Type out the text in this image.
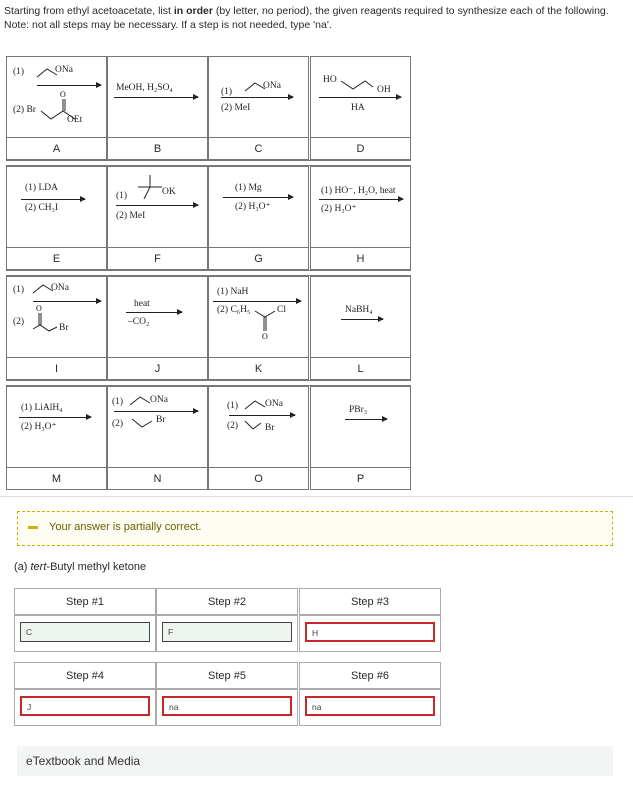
Starting from ethyl acetoacetate, list in order (by letter, no period), the given reagents required to synthesize each of the following.
Note: not all steps may be necessary. If a step is not needed, type 'na'.
(1)	ONa
(2) Br
O
OEt
MeOH, H₂SO₄	(1)
ONa
(2) MeI
HO
OH
HA
A	B	C	D
(1) LDA
(2) CH₃I
(1)	OK
(2) MeI
(1) Mg
(2) H₃O⁺
(1) HO⁻, H₂O, heat
(2) H₃O⁺
E	F	G	H
(1)	ONa
(2)
O
Br
heat
–CO₂
(1) NaH
(2) C₆H₅
O
Cl	NaBH₄
I	J	K	L
(1) LiAlH₄
(2) H₃O⁺
(1)	ONa
(2)	Br
(1)	ONa
(2)	Br
PBr₃
M	N	O	P
Your answer is partially correct.
(a) tert-Butyl methyl ketone
Step #1	Step #2	Step #3
C	F	H
Step #4	Step #5	Step #6
J	na	na
eTextbook and Media
